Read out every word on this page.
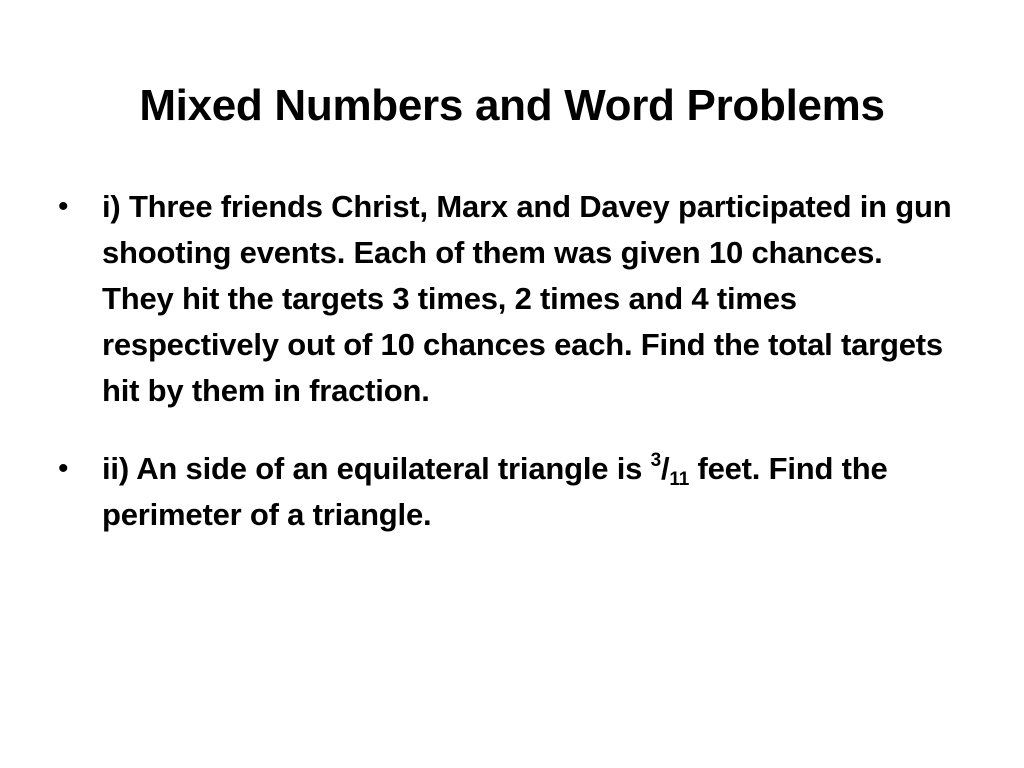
Mixed Numbers and Word Problems
• i) Three friends Christ, Marx and Davey participated in gun shooting events. Each of them was given 10 chances. They hit the targets 3 times, 2 times and 4 times respectively out of 10 chances each. Find the total targets hit by them in fraction.
• ii) An side of an equilateral triangle is $^3$/11 feet. Find the perimeter of a triangle.
